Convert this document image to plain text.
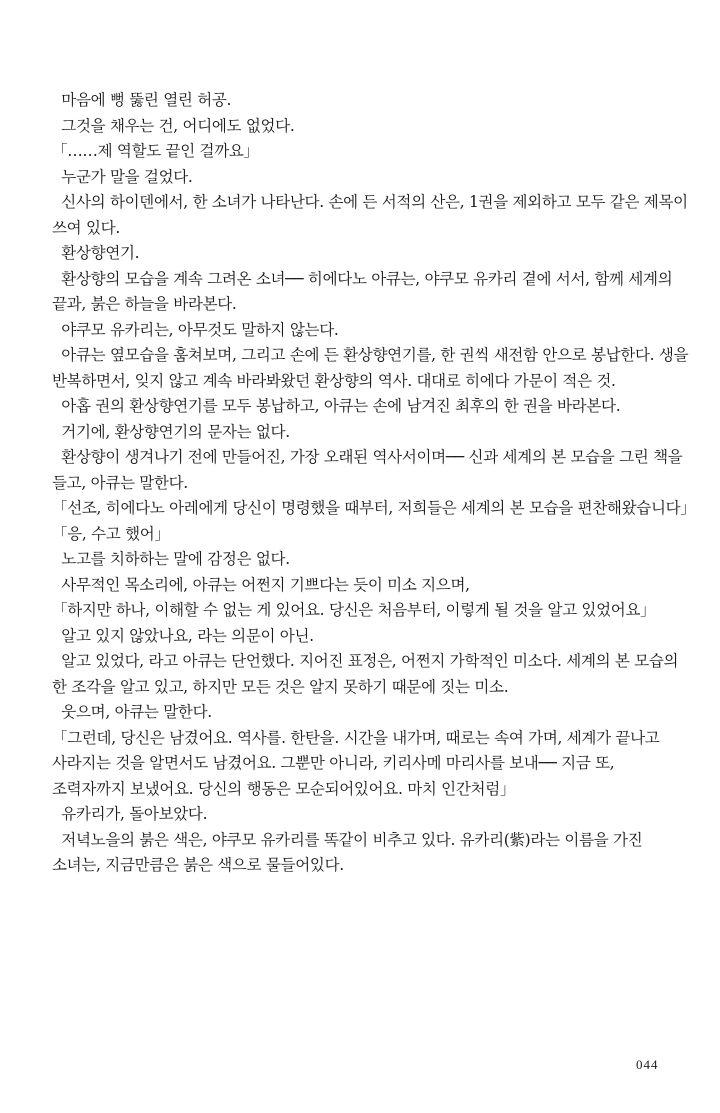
마음에 뻥 뚫린 열린 허공.

그것을 채우는 건, 어디에도 없었다.

「……제 역할도 끝인 걸까요」

누군가 말을 걸었다.

신사의 하이덴에서, 한 소녀가 나타난다. 손에 든 서적의 산은, 1권을 제외하고 모두 같은 제목이 쓰여 있다.

환상향연기.

환상향의 모습을 계속 그려온 소녀── 히에다노 아큐는, 야쿠모 유카리 곁에 서서, 함께 세계의 끝과, 붉은 하늘을 바라본다.

야쿠모 유카리는, 아무것도 말하지 않는다.

아큐는 옆모습을 훔쳐보며, 그리고 손에 든 환상향연기를, 한 권씩 새전함 안으로 봉납한다. 생을 반복하면서, 잊지 않고 계속 바라봐왔던 환상향의 역사. 대대로 히에다 가문이 적은 것.

아홉 권의 환상향연기를 모두 봉납하고, 아큐는 손에 남겨진 최후의 한 권을 바라본다.

거기에, 환상향연기의 문자는 없다.

환상향이 생겨나기 전에 만들어진, 가장 오래된 역사서이며── 신과 세계의 본 모습을 그린 책을 들고, 아큐는 말한다.

「선조, 히에다노 아레에게 당신이 명령했을 때부터, 저희들은 세계의 본 모습을 편찬해왔습니다」

「응, 수고 했어」

노고를 치하하는 말에 감정은 없다.

사무적인 목소리에, 아큐는 어쩐지 기쁘다는 듯이 미소 지으며,

「하지만 하나, 이해할 수 없는 게 있어요. 당신은 처음부터, 이렇게 될 것을 알고 있었어요」

알고 있지 않았나요, 라는 의문이 아닌.

알고 있었다, 라고 아큐는 단언했다. 지어진 표정은, 어쩐지 가학적인 미소다. 세계의 본 모습의 한 조각을 알고 있고, 하지만 모든 것은 알지 못하기 때문에 짓는 미소.

웃으며, 아큐는 말한다.

「그런데, 당신은 남겼어요. 역사를. 한탄을. 시간을 내가며, 때로는 속여 가며, 세계가 끝나고 사라지는 것을 알면서도 남겼어요. 그뿐만 아니라, 키리사메 마리사를 보내── 지금 또, 조력자까지 보냈어요. 당신의 행동은 모순되어있어요. 마치 인간처럼」

유카리가, 돌아보았다.

저녁노을의 붉은 색은, 야쿠모 유카리를 똑같이 비추고 있다. 유카리(紫)라는 이름을 가진 소녀는, 지금만큼은 붉은 색으로 물들어있다.

044
